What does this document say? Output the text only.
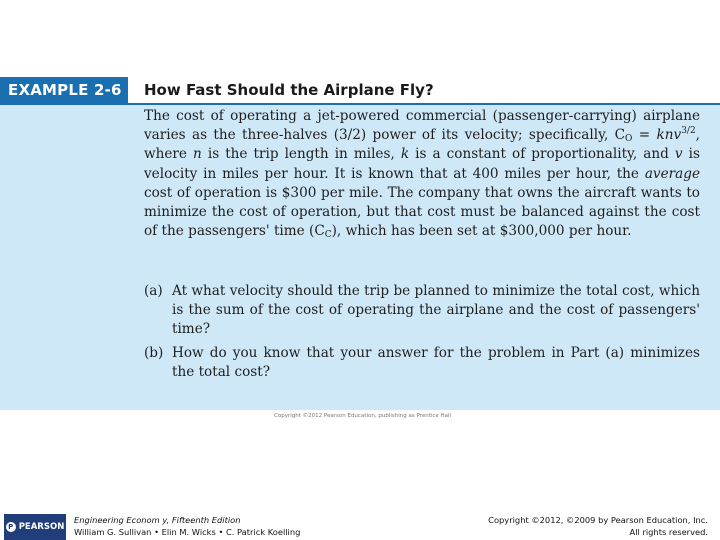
EXAMPLE 2-6	How Fast Should the Airplane Fly?
The cost of operating a jet-powered commercial (passenger-carrying) airplane varies as the three-halves (3/2) power of its velocity; specifically, $C_O = knv^{3/2}$, where n is the trip length in miles, k is a constant of proportionality, and v is velocity in miles per hour. It is known that at 400 miles per hour, the average cost of operation is $300 per mile. The company that owns the aircraft wants to minimize the cost of operation, but that cost must be balanced against the cost of the passengers' time $(C_C)$, which has been set at $300,000 per hour.
(a) At what velocity should the trip be planned to minimize the total cost, which is the sum of the cost of operating the airplane and the cost of passengers' time?
(b) How do you know that your answer for the problem in Part (a) minimizes the total cost?
Copyright ©2012 Pearson Education, publishing as Prentice Hall
P PEARSON
Engineering Econom y, Fifteenth Edition
William G. Sullivan • Elin M. Wicks • C. Patrick Koelling
Copyright ©2012, ©2009 by Pearson Education, Inc.
All rights reserved.
